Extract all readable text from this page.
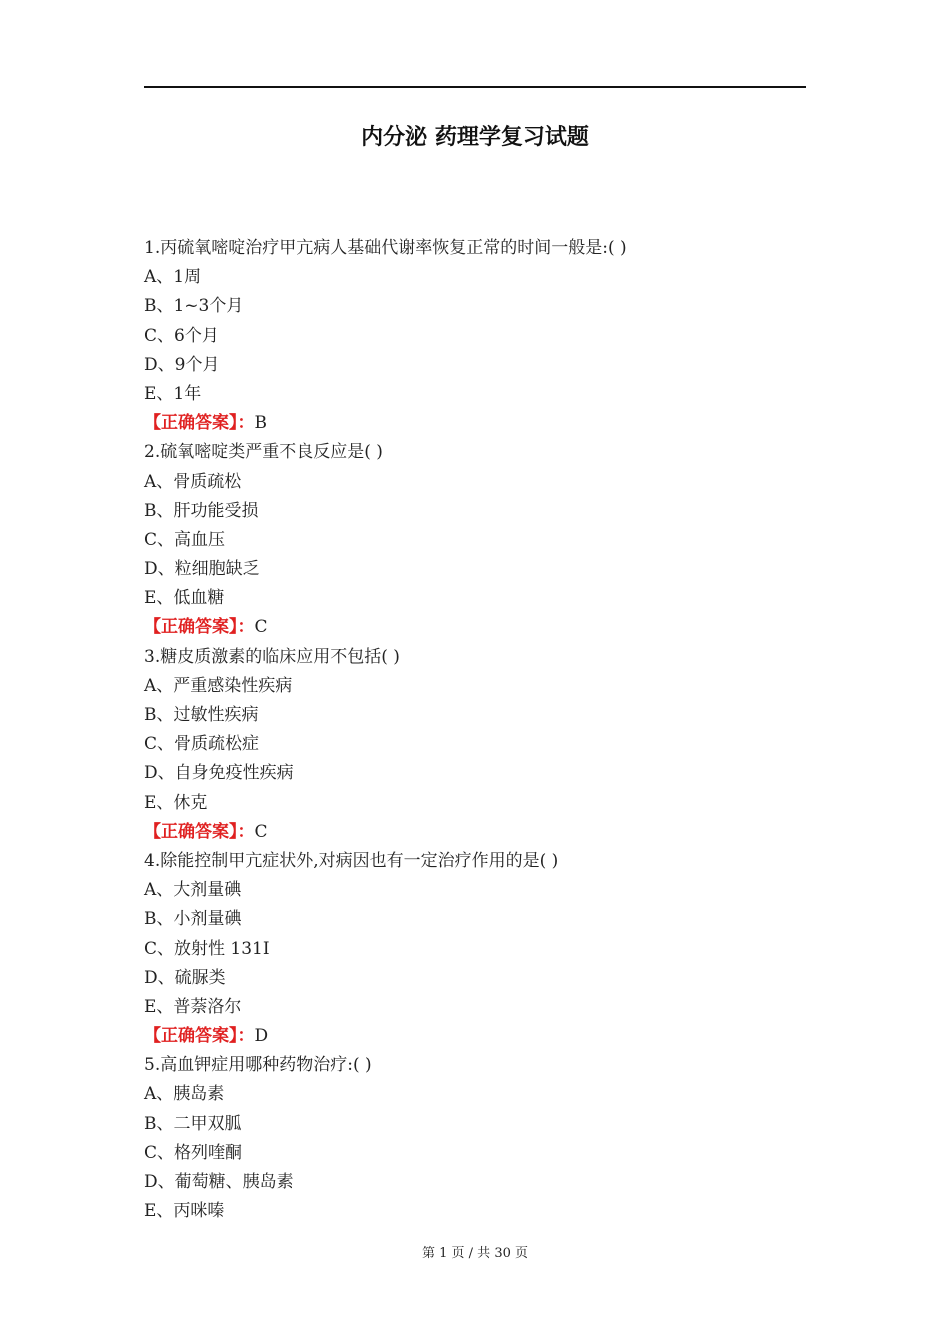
内分泌 药理学复习试题
1.丙硫氧嘧啶治疗甲亢病人基础代谢率恢复正常的时间一般是:( )
A、1周
B、1~3个月
C、6个月
D、9个月
E、1年
【正确答案】：B
2.硫氧嘧啶类严重不良反应是( )
A、骨质疏松
B、肝功能受损
C、高血压
D、粒细胞缺乏
E、低血糖
【正确答案】：C
3.糖皮质激素的临床应用不包括( )
A、严重感染性疾病
B、过敏性疾病
C、骨质疏松症
D、自身免疫性疾病
E、休克
【正确答案】：C
4.除能控制甲亢症状外,对病因也有一定治疗作用的是( )
A、大剂量碘
B、小剂量碘
C、放射性 131I
D、硫脲类
E、普萘洛尔
【正确答案】：D
5.高血钾症用哪种药物治疗:( )
A、胰岛素
B、二甲双胍
C、格列喹酮
D、葡萄糖、胰岛素
E、丙咪嗪
第 1 页 / 共 30 页
